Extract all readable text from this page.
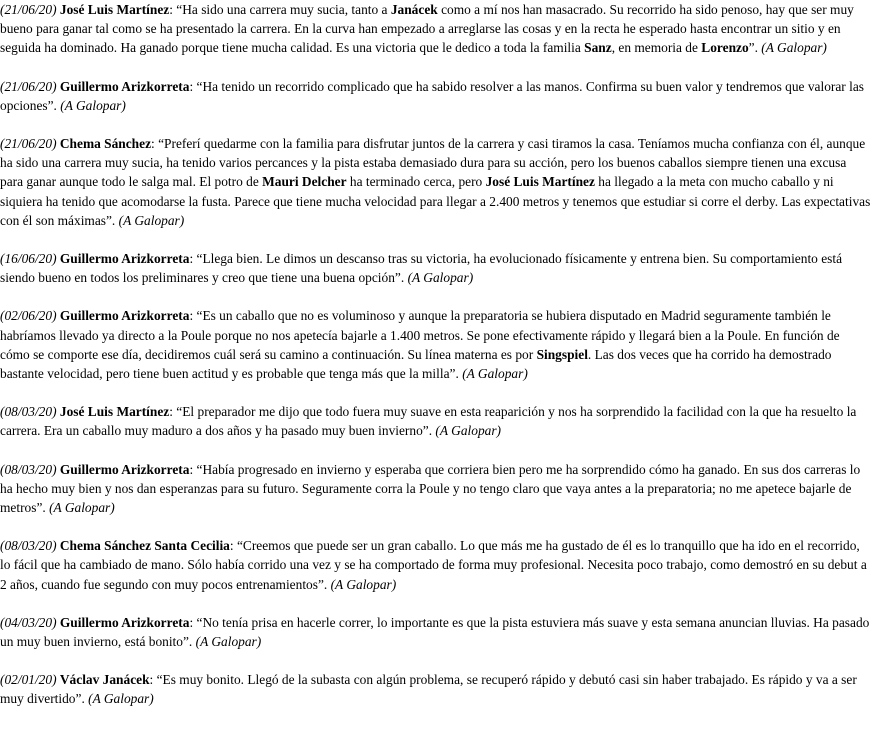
(21/06/20) José Luis Martínez: “Ha sido una carrera muy sucia, tanto a Janácek como a mí nos han masacrado. Su recorrido ha sido penoso, hay que ser muy bueno para ganar tal como se ha presentado la carrera. En la curva han empezado a arreglarse las cosas y en la recta he esperado hasta encontrar un sitio y en seguida ha dominado. Ha ganado porque tiene mucha calidad. Es una victoria que le dedico a toda la familia Sanz, en memoria de Lorenzo”. (A Galopar)

(21/06/20) Guillermo Arizkorreta: “Ha tenido un recorrido complicado que ha sabido resolver a las manos. Confirma su buen valor y tendremos que valorar las opciones”. (A Galopar)

(21/06/20) Chema Sánchez: “Preferí quedarme con la familia para disfrutar juntos de la carrera y casi tiramos la casa. Teníamos mucha confianza con él, aunque ha sido una carrera muy sucia, ha tenido varios percances y la pista estaba demasiado dura para su acción, pero los buenos caballos siempre tienen una excusa para ganar aunque todo le salga mal. El potro de Mauri Delcher ha terminado cerca, pero José Luis Martínez ha llegado a la meta con mucho caballo y ni siquiera ha tenido que acomodarse la fusta. Parece que tiene mucha velocidad para llegar a 2.400 metros y tenemos que estudiar si corre el derby. Las expectativas con él son máximas”. (A Galopar)

(16/06/20) Guillermo Arizkorreta: “Llega bien. Le dimos un descanso tras su victoria, ha evolucionado físicamente y entrena bien. Su comportamiento está siendo bueno en todos los preliminares y creo que tiene una buena opción”. (A Galopar)

(02/06/20) Guillermo Arizkorreta: “Es un caballo que no es voluminoso y aunque la preparatoria se hubiera disputado en Madrid seguramente también le habríamos llevado ya directo a la Poule porque no nos apetecía bajarle a 1.400 metros. Se pone efectivamente rápido y llegará bien a la Poule. En función de cómo se comporte ese día, decidiremos cuál será su camino a continuación. Su línea materna es por Singspiel. Las dos veces que ha corrido ha demostrado bastante velocidad, pero tiene buen actitud y es probable que tenga más que la milla”. (A Galopar)

(08/03/20) José Luis Martínez: “El preparador me dijo que todo fuera muy suave en esta reaparición y nos ha sorprendido la facilidad con la que ha resuelto la carrera. Era un caballo muy maduro a dos años y ha pasado muy buen invierno”. (A Galopar)

(08/03/20) Guillermo Arizkorreta: “Había progresado en invierno y esperaba que corriera bien pero me ha sorprendido cómo ha ganado. En sus dos carreras lo ha hecho muy bien y nos dan esperanzas para su futuro. Seguramente corra la Poule y no tengo claro que vaya antes a la preparatoria; no me apetece bajarle de metros”. (A Galopar)

(08/03/20) Chema Sánchez Santa Cecilia: “Creemos que puede ser un gran caballo. Lo que más me ha gustado de él es lo tranquillo que ha ido en el recorrido, lo fácil que ha cambiado de mano. Sólo había corrido una vez y se ha comportado de forma muy profesional. Necesita poco trabajo, como demostró en su debut a 2 años, cuando fue segundo con muy pocos entrenamientos”. (A Galopar)

(04/03/20) Guillermo Arizkorreta: “No tenía prisa en hacerle correr, lo importante es que la pista estuviera más suave y esta semana anuncian lluvias. Ha pasado un muy buen invierno, está bonito”. (A Galopar)

(02/01/20) Václav Janácek: “Es muy bonito. Llegó de la subasta con algún problema, se recuperó rápido y debutó casi sin haber trabajado. Es rápido y va a ser muy divertido”. (A Galopar)
